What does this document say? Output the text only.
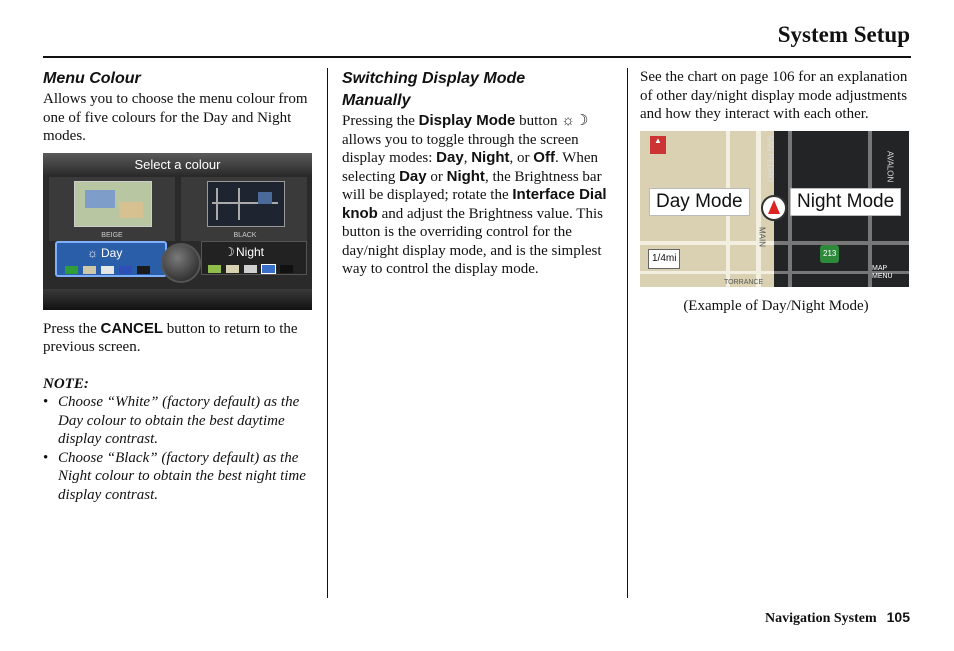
System Setup
Menu Colour

Allows you to choose the menu colour from one of five colours for the Day and Night modes.

Select a colour
BEIGE	BLACK
☼ Day	☽ Night

Press the CANCEL button to return to the previous screen.

NOTE:

• Choose “White” (factory default) as the Day colour to obtain the best daytime display contrast.
• Choose “Black” (factory default) as the Night colour to obtain the best night time display contrast.
Switching Display Mode
Manually

Pressing the Display Mode button ☼☽ allows you to toggle through the screen display modes: Day, Night, or Off. When selecting Day or Night, the Brightness bar will be displayed; rotate the Interface Dial knob and adjust the Brightness value. This button is the overriding control for the day/night display mode, and is the simplest way to control the display mode.

See the chart on page 106 for an explanation of other day/night display mode adjustments and how they interact with each other.

▲	SAN PEDRO	AVALON
MAIN
TORRANCE
Day Mode	Night Mode
1/4mi	213
MAP
MENU

(Example of Day/Night Mode)

Navigation System 105
